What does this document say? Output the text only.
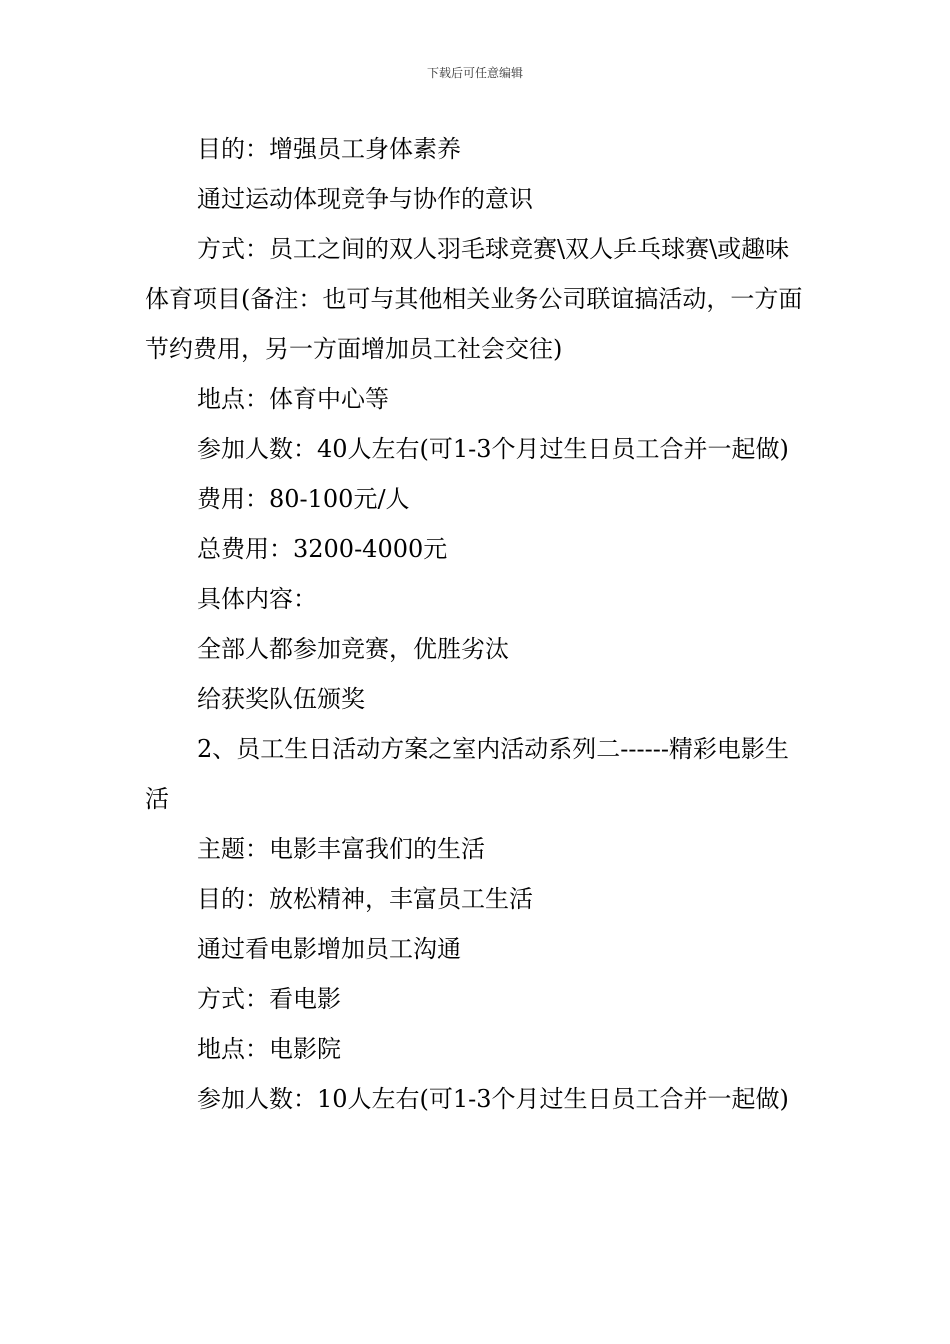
下载后可任意编辑

目的：增强员工身体素养

通过运动体现竞争与协作的意识

方式：员工之间的双人羽毛球竞赛\双人乒乓球赛\或趣味体育项目(备注：也可与其他相关业务公司联谊搞活动，一方面节约费用，另一方面增加员工社会交往)

地点：体育中心等

参加人数：40人左右(可1-3个月过生日员工合并一起做)

费用：80-100元/人

总费用：3200-4000元

具体内容：

全部人都参加竞赛，优胜劣汰

给获奖队伍颁奖

2、员工生日活动方案之室内活动系列二------精彩电影生活

主题：电影丰富我们的生活

目的：放松精神，丰富员工生活

通过看电影增加员工沟通

方式：看电影

地点：电影院

参加人数：10人左右(可1-3个月过生日员工合并一起做)
